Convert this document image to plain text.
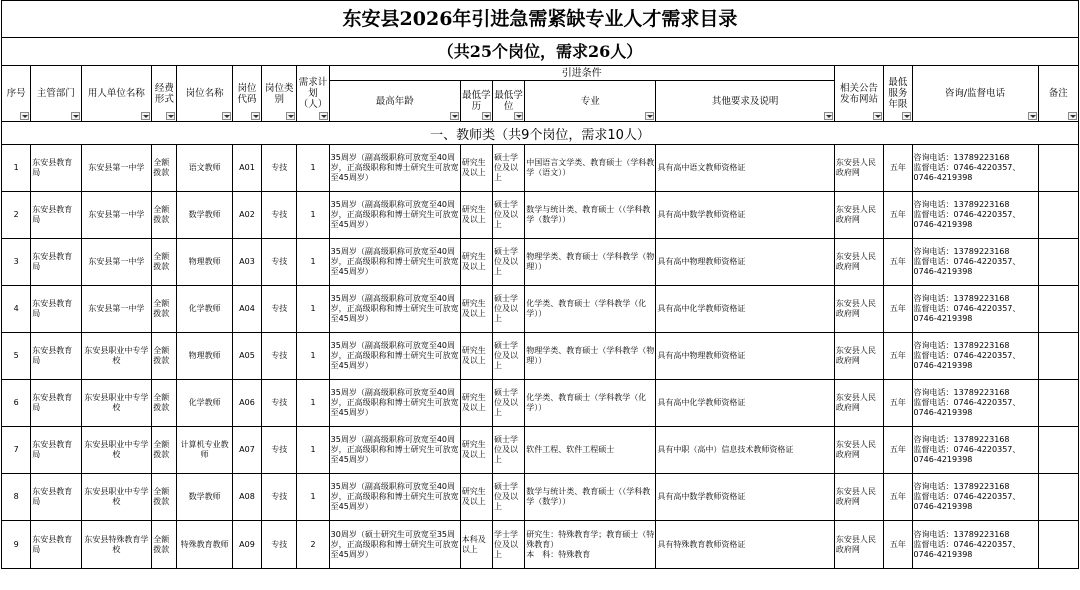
东安县2026年引进急需紧缺专业人才需求目录
（共25个岗位，需求26人）
一、教师类（共9个岗位，需求10人）																
序号	主管部门	用人单位名称	经费形式	岗位名称	岗位代码	岗位类别	需求计划（人）	引进条件					相关公告发布网站	最低服务年限	咨询/监督电话	备注

								最高年龄	最低学历	最低学位	专业	其他要求及说明				

1	东安县教育局	东安县第一中学	全额拨款	语文教师	A01	专技	1	35周岁（副高级职称可放宽至40周岁，正高级职称和博士研究生可放宽至45周岁）	研究生及以上	硕士学位及以上	中国语言文学类、教育硕士（学科教学（语文））	具有高中语文教师资格证	东安县人民政府网	五年	咨询电话：13789223168
监督电话：0746-4220357、0746-4219398	

2	东安县教育局	东安县第一中学	全额拨款	数学教师	A02	专技	1	35周岁（副高级职称可放宽至40周岁，正高级职称和博士研究生可放宽至45周岁）	研究生及以上	硕士学位及以上	数学与统计类、教育硕士（（学科教学（数学））	具有高中数学教师资格证	东安县人民政府网	五年	咨询电话：13789223168
监督电话：0746-4220357、0746-4219398	

3	东安县教育局	东安县第一中学	全额拨款	物理教师	A03	专技	1	35周岁（副高级职称可放宽至40周岁，正高级职称和博士研究生可放宽至45周岁）	研究生及以上	硕士学位及以上	物理学类、教育硕士（学科教学（物理））	具有高中物理教师资格证	东安县人民政府网	五年	咨询电话：13789223168
监督电话：0746-4220357、0746-4219398	

4	东安县教育局	东安县第一中学	全额拨款	化学教师	A04	专技	1	35周岁（副高级职称可放宽至40周岁，正高级职称和博士研究生可放宽至45周岁）	研究生及以上	硕士学位及以上	化学类、教育硕士（学科教学（化学））	具有高中化学教师资格证	东安县人民政府网	五年	咨询电话：13789223168
监督电话：0746-4220357、0746-4219398	

5	东安县教育局	东安县职业中专学校	全额拨款	物理教师	A05	专技	1	35周岁（副高级职称可放宽至40周岁，正高级职称和博士研究生可放宽至45周岁）	研究生及以上	硕士学位及以上	物理学类、教育硕士（学科教学（物理））	具有高中物理教师资格证	东安县人民政府网	五年	咨询电话：13789223168
监督电话：0746-4220357、0746-4219398	

6	东安县教育局	东安县职业中专学校	全额拨款	化学教师	A06	专技	1	35周岁（副高级职称可放宽至40周岁，正高级职称和博士研究生可放宽至45周岁）	研究生及以上	硕士学位及以上	化学类、教育硕士（学科教学（化学））	具有高中化学教师资格证	东安县人民政府网	五年	咨询电话：13789223168
监督电话：0746-4220357、0746-4219398	

7	东安县教育局	东安县职业中专学校	全额拨款	计算机专业教师	A07	专技	1	35周岁（副高级职称可放宽至40周岁，正高级职称和博士研究生可放宽至45周岁）	研究生及以上	硕士学位及以上	软件工程、软件工程硕士	具有中职（高中）信息技术教师资格证	东安县人民政府网	五年	咨询电话：13789223168
监督电话：0746-4220357、0746-4219398	

8	东安县教育局	东安县职业中专学校	全额拨款	数学教师	A08	专技	1	35周岁（副高级职称可放宽至40周岁，正高级职称和博士研究生可放宽至45周岁）	研究生及以上	硕士学位及以上	数学与统计类、教育硕士（（学科教学（数学））	具有高中数学教师资格证	东安县人民政府网	五年	咨询电话：13789223168
监督电话：0746-4220357、0746-4219398	

9	东安县教育局	东安县特殊教育学校	全额拨款	特殊教育教师	A09	专技	2	30周岁（硕士研究生可放宽至35周岁，正高级职称和博士研究生可放宽至45周岁）	本科及以上	学士学位及以上	研究生：特殊教育学；教育硕士（特殊教育）
本　科：特殊教育	具有特殊教育教师资格证	东安县人民政府网	五年	咨询电话：13789223168
监督电话：0746-4220357、0746-4219398	
